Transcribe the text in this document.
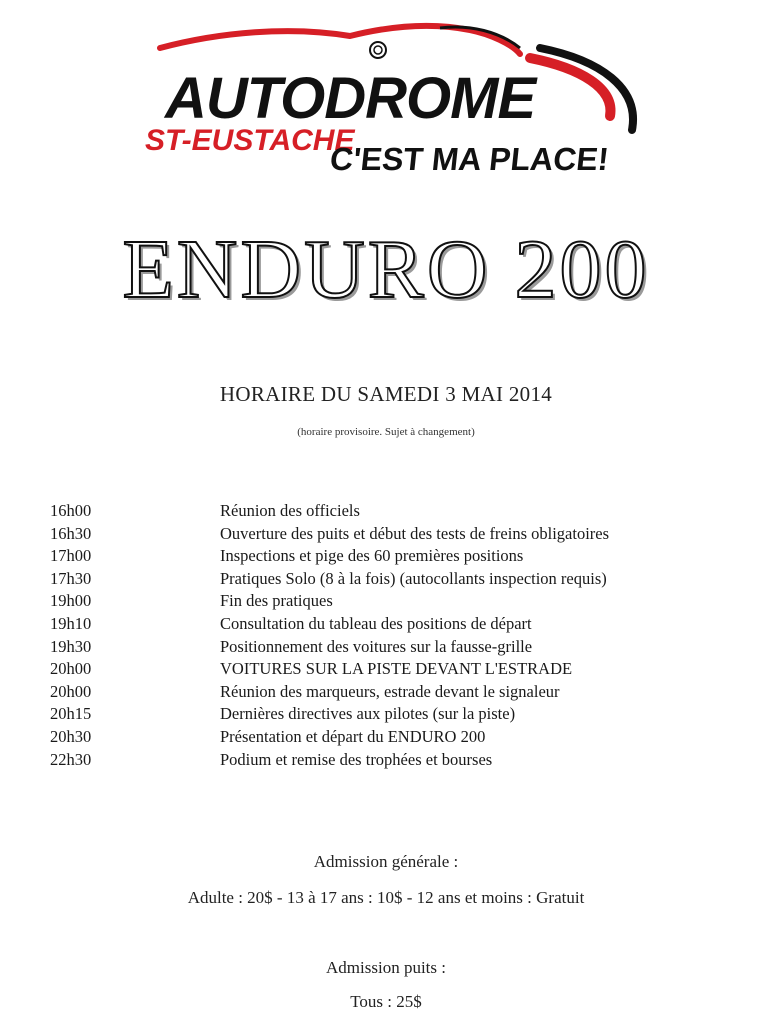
AUTODROME
ST-EUSTACHE
C'EST MA PLACE!
ENDURO 200
HORAIRE DU SAMEDI 3 MAI 2014
(horaire provisoire. Sujet à changement)
16h00	Réunion des officiels
16h30	Ouverture des puits et début des tests de freins obligatoires
17h00	Inspections et pige des 60 premières positions
17h30	Pratiques Solo (8 à la fois) (autocollants inspection requis)
19h00	Fin des pratiques
19h10	Consultation du tableau des positions de départ
19h30	Positionnement des voitures sur la fausse-grille
20h00	VOITURES SUR LA PISTE DEVANT L'ESTRADE
20h00	Réunion des marqueurs, estrade devant le signaleur
20h15	Dernières directives aux pilotes (sur la piste)
20h30	Présentation et départ du ENDURO 200
22h30	Podium et remise des trophées et bourses
Admission générale :
Adulte : 20$ - 13 à 17 ans : 10$ - 12 ans et moins : Gratuit
Admission puits :
Tous : 25$
